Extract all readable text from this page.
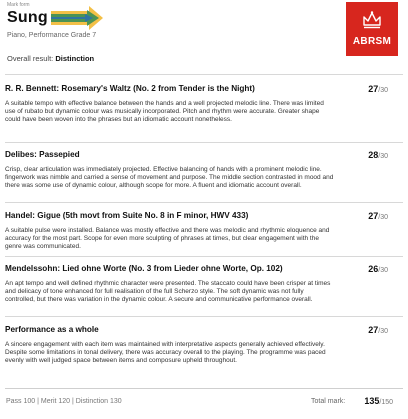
Mark form
Sung
Piano, Performance Grade 7
Overall result: Distinction
ABRSM
R. R. Bennett: Rosemary's Waltz (No. 2 from Tender is the Night)	27/30
A suitable tempo with effective balance between the hands and a well projected melodic line. There was limited use of rubato but dynamic colour was musically incorporated. Pitch and rhythm were accurate. Greater shape could have been woven into the phrases but an idiomatic account nonetheless.
Delibes: Passepied	28/30
Crisp, clear articulation was immediately projected. Effective balancing of hands with a prominent melodic line. fingerwork was nimble and carried a sense of movement and purpose. The middle section contrasted in mood and there was some use of dynamic colour, although scope for more. A fluent and idiomatic account overall.
Handel: Gigue (5th movt from Suite No. 8 in F minor, HWV 433)	27/30
A suitable pulse were installed. Balance was mostly effective and there was melodic and rhythmic eloquence and accuracy for the most part. Scope for even more sculpting of phrases at times, but clear engagement with the genre was communicated.
Mendelssohn: Lied ohne Worte (No. 3 from Lieder ohne Worte, Op. 102)	26/30
An apt tempo and well defined rhythmic character were presented. The staccato could have been crisper at times and delicacy of tone enhanced for full realisation of the full Scherzo style. The soft dynamic was not fully controlled, but there was variation in the dynamic colour. A secure and communicative performance overall.
Performance as a whole	27/30
A sincere engagement with each item was maintained with interpretative aspects generally achieved effectively. Despite some limitations in tonal delivery, there was accuracy overall to the playing. The programme was paced evenly with well judged space between items and composure upheld throughout.
Pass 100 | Merit 120 | Distinction 130	Total mark: 135/150
